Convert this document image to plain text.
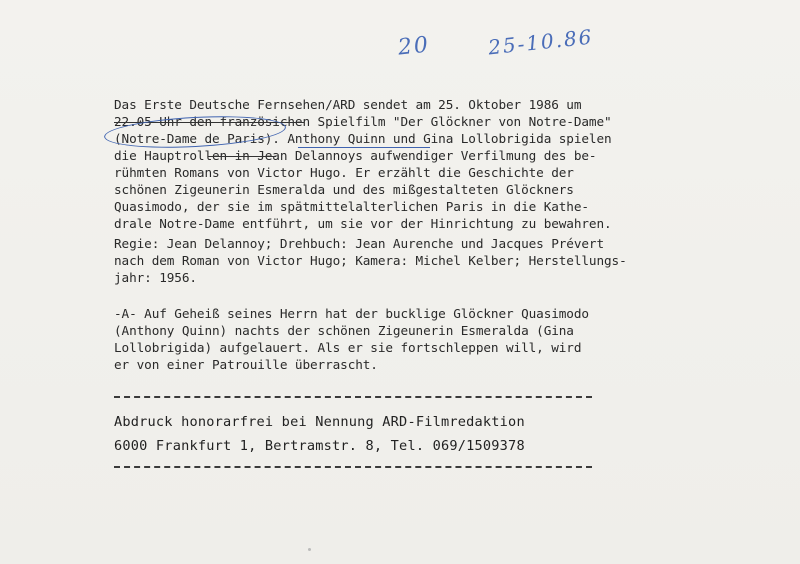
20	25-10.86
Das Erste Deutsche Fernsehen/ARD sendet am 25. Oktober 1986 um
22.05 Uhr den französichen Spielfilm "Der Glöckner von Notre-Dame"
(Notre-Dame de Paris). Anthony Quinn und Gina Lollobrigida spielen
die Hauptrollen in Jean Delannoys aufwendiger Verfilmung des be-
rühmten Romans von Victor Hugo. Er erzählt die Geschichte der
schönen Zigeunerin Esmeralda und des mißgestalteten Glöckners
Quasimodo, der sie im spätmittelalterlichen Paris in die Kathe-
drale Notre-Dame entführt, um sie vor der Hinrichtung zu bewahren.
Regie: Jean Delannoy; Drehbuch: Jean Aurenche und Jacques Prévert
nach dem Roman von Victor Hugo; Kamera: Michel Kelber; Herstellungs-
jahr: 1956.
-A- Auf Geheiß seines Herrn hat der bucklige Glöckner Quasimodo
(Anthony Quinn) nachts der schönen Zigeunerin Esmeralda (Gina
Lollobrigida) aufgelauert. Als er sie fortschleppen will, wird
er von einer Patrouille überrascht.
Abdruck honorarfrei bei Nennung ARD-Filmredaktion
6000 Frankfurt 1, Bertramstr. 8, Tel. 069/1509378
